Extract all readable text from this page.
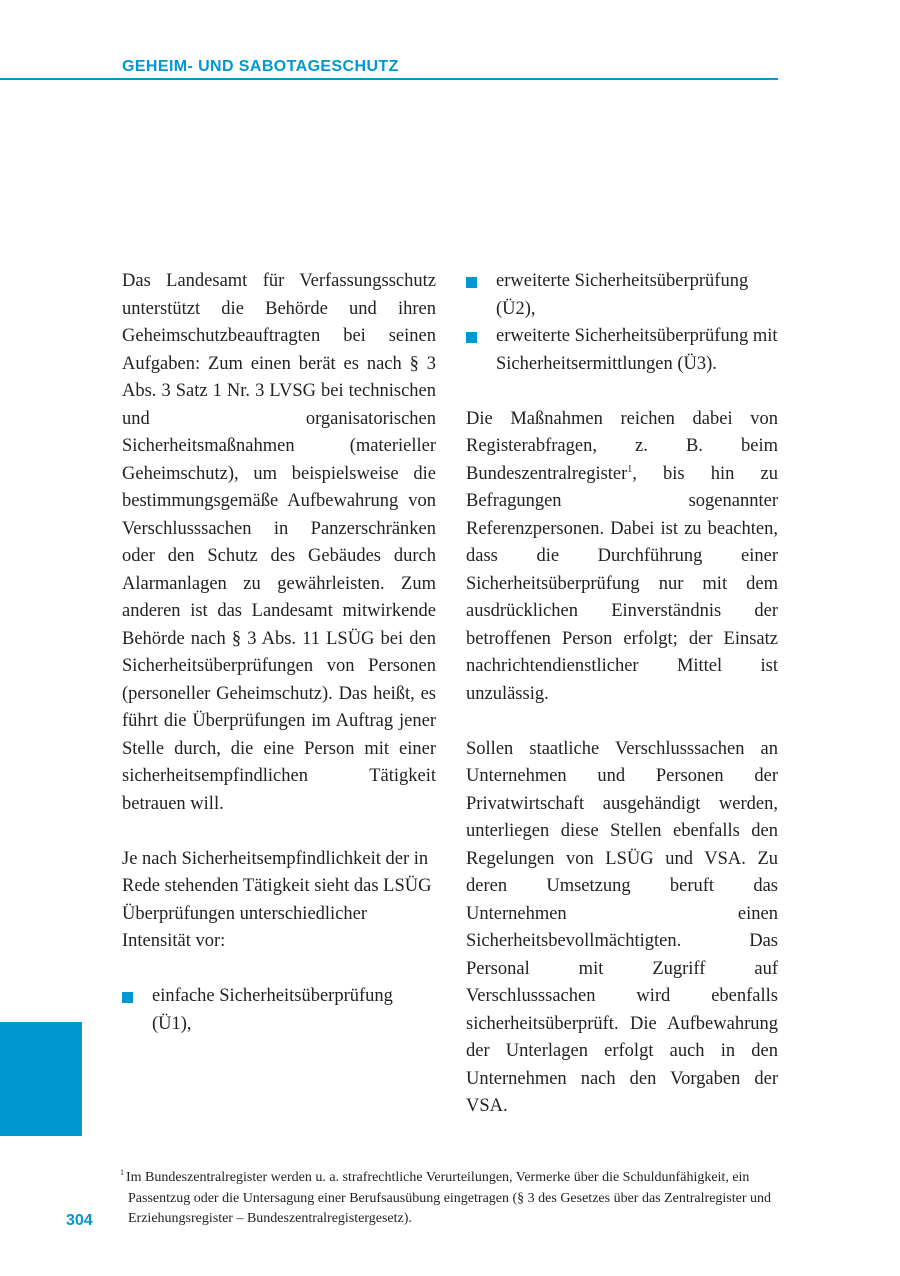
GEHEIM- UND SABOTAGESCHUTZ

Das Landesamt für Verfassungsschutz unterstützt die Behörde und ihren Geheimschutzbeauftragten bei seinen Aufgaben: Zum einen berät es nach § 3 Abs. 3 Satz 1 Nr. 3 LVSG bei technischen und organisatorischen Sicherheitsmaßnahmen (materieller Geheimschutz), um beispielsweise die bestimmungsgemäße Aufbewahrung von Verschlusssachen in Panzerschränken oder den Schutz des Gebäudes durch Alarmanlagen zu gewährleisten. Zum anderen ist das Landesamt mitwirkende Behörde nach § 3 Abs. 11 LSÜG bei den Sicherheitsüberprüfungen von Personen (personeller Geheimschutz). Das heißt, es führt die Überprüfungen im Auftrag jener Stelle durch, die eine Person mit einer sicherheitsempfindlichen Tätigkeit betrauen will.

Je nach Sicherheitsempfindlichkeit der in Rede stehenden Tätigkeit sieht das LSÜG Überprüfungen unterschiedlicher Intensität vor:

einfache Sicherheitsüberprüfung (Ü1),
erweiterte Sicherheitsüberprüfung (Ü2),
erweiterte Sicherheitsüberprüfung mit Sicherheitsermittlungen (Ü3).

Die Maßnahmen reichen dabei von Registerabfragen, z. B. beim Bundeszentralregister$^1$, bis hin zu Befragungen sogenannter Referenzpersonen. Dabei ist zu beachten, dass die Durchführung einer Sicherheitsüberprüfung nur mit dem ausdrücklichen Einverständnis der betroffenen Person erfolgt; der Einsatz nachrichtendienstlicher Mittel ist unzulässig.

Sollen staatliche Verschlusssachen an Unternehmen und Personen der Privatwirtschaft ausgehändigt werden, unterliegen diese Stellen ebenfalls den Regelungen von LSÜG und VSA. Zu deren Umsetzung beruft das Unternehmen einen Sicherheitsbevollmächtigten. Das Personal mit Zugriff auf Verschlusssachen wird ebenfalls sicherheitsüberprüft. Die Aufbewahrung der Unterlagen erfolgt auch in den Unternehmen nach den Vorgaben der VSA.

$^1$ Im Bundeszentralregister werden u. a. strafrechtliche Verurteilungen, Vermerke über die Schuldunfähigkeit, ein Passentzug oder die Untersagung einer Berufsausübung eingetragen (§ 3 des Gesetzes über das Zentralregister und Erziehungsregister – Bundeszentralregistergesetz).
304
